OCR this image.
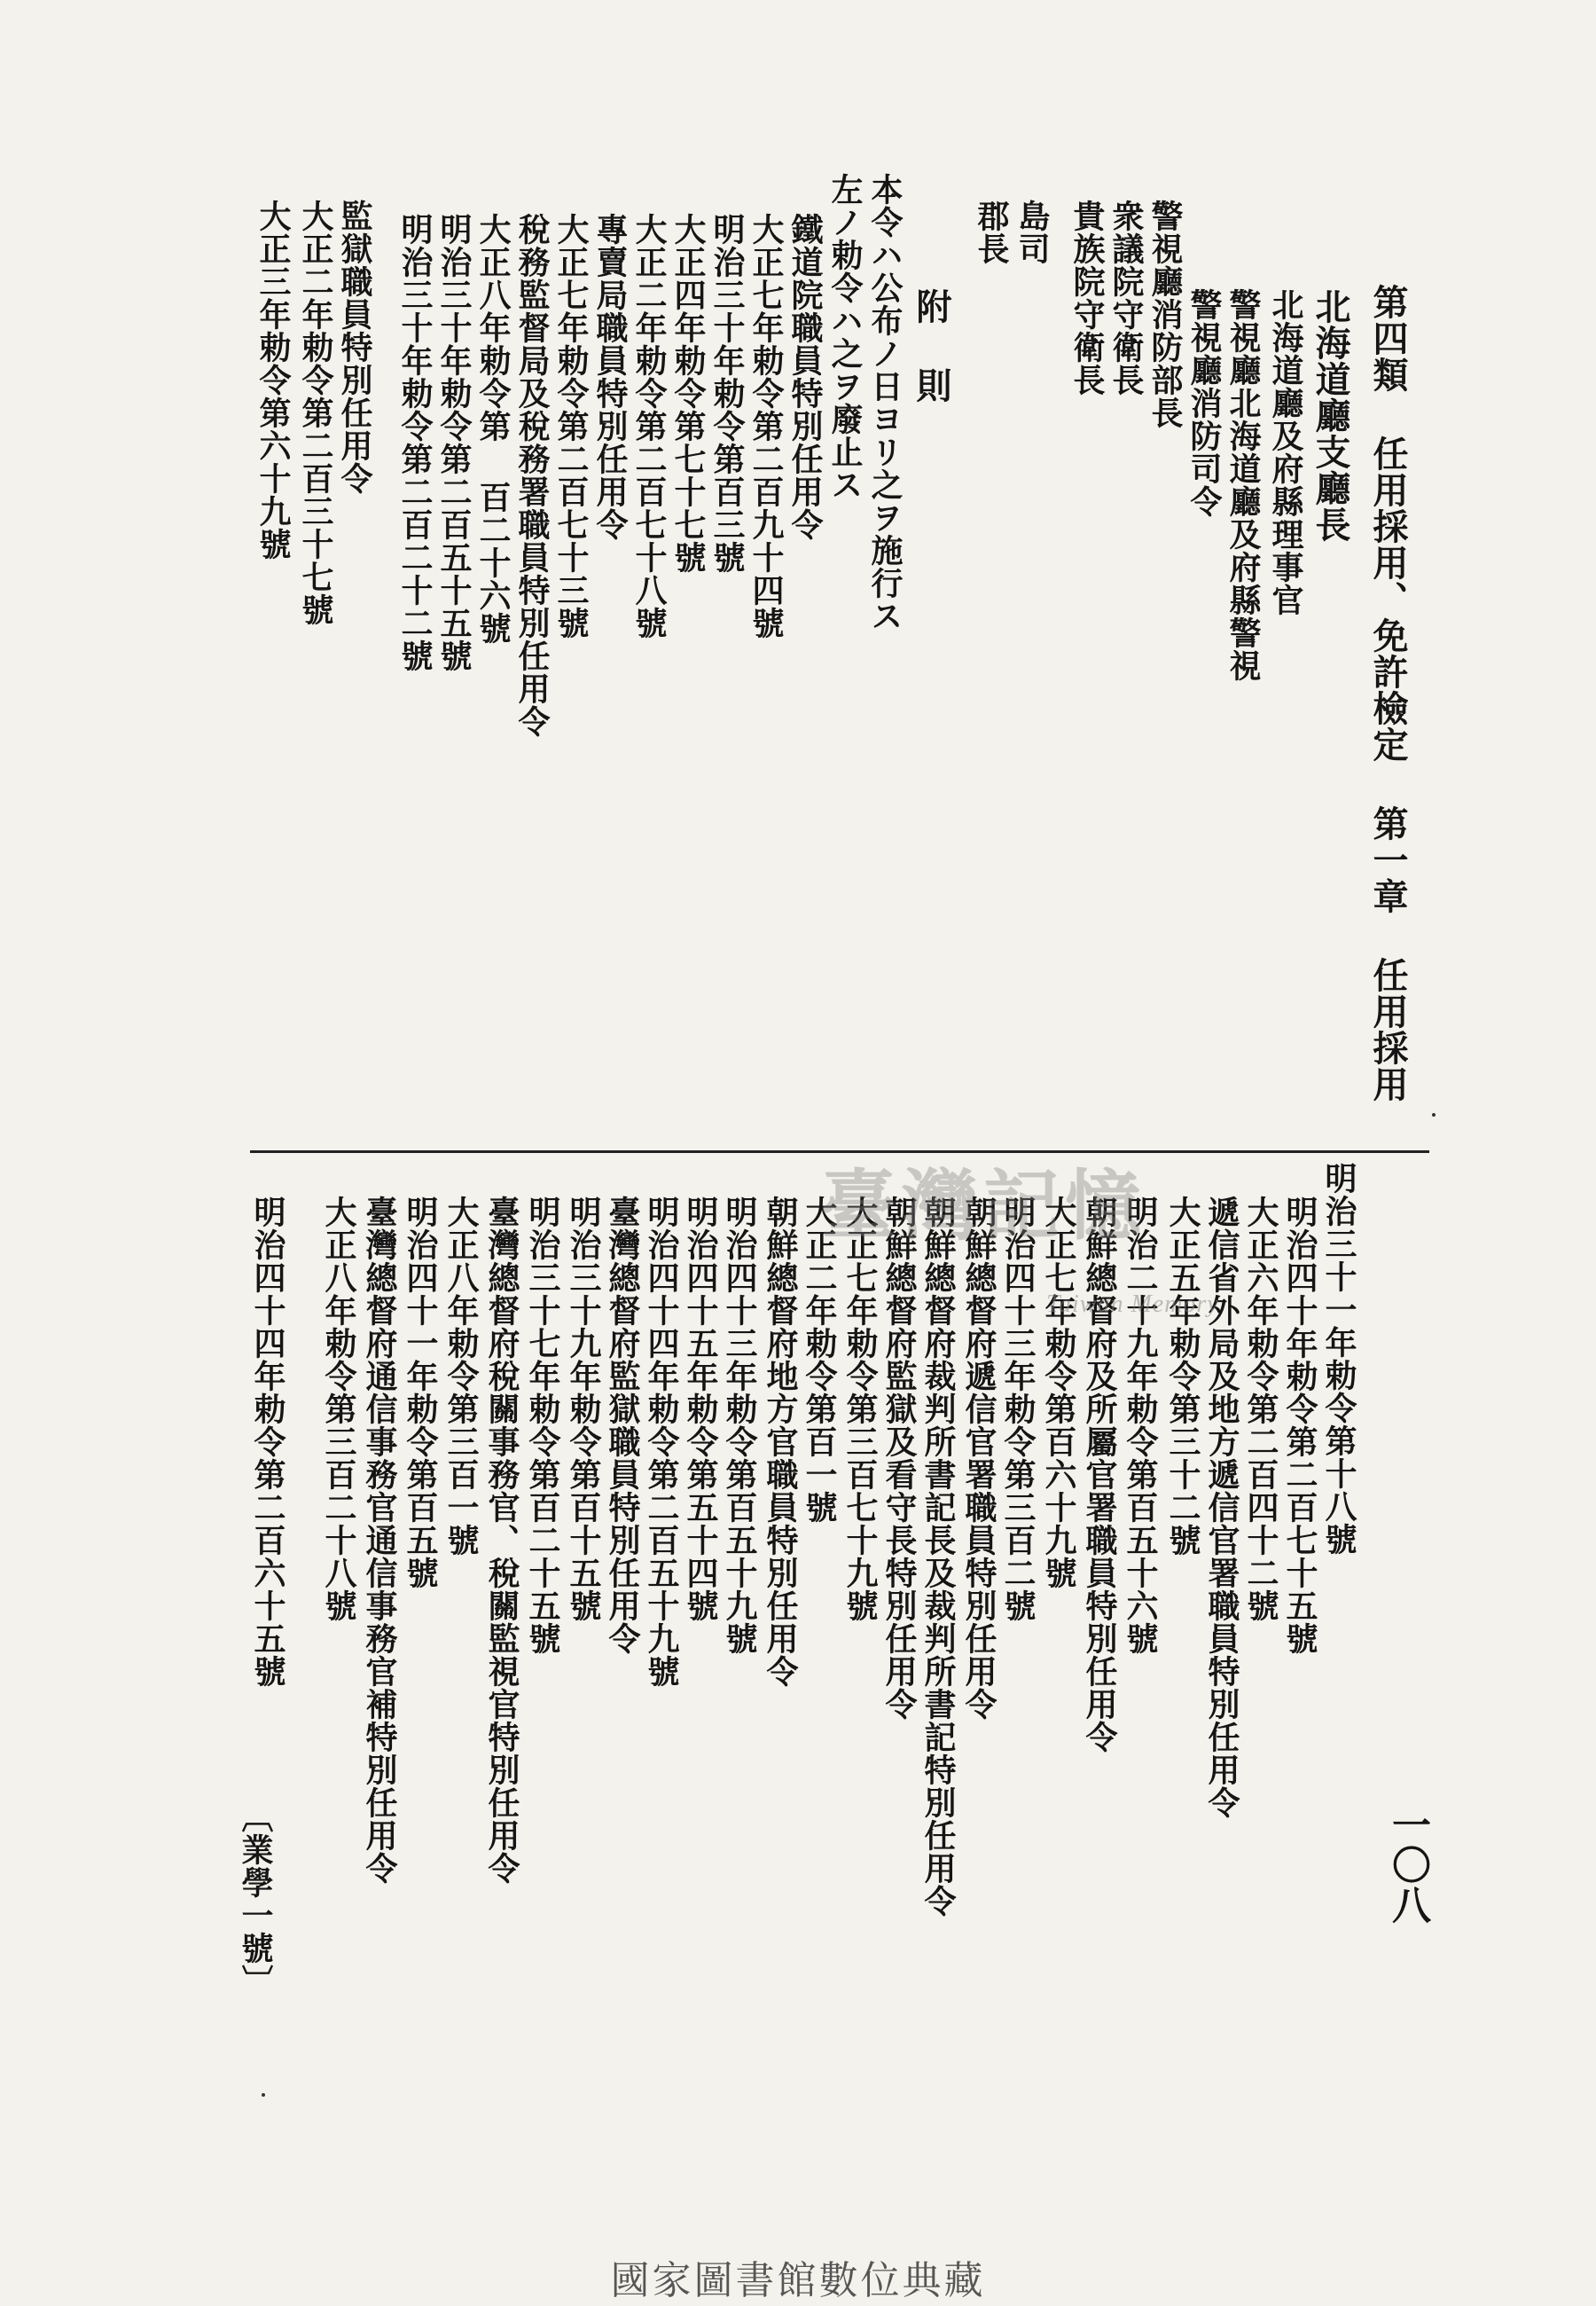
第四類 任用採用、免許檢定 第一章 任用採用
一〇八
北海道廳支廳長
北海道廳及府縣理事官
警視廳北海道廳及府縣警視
警視廳消防司令
警視廳消防部長
衆議院守衛長
貴族院守衛長
島司
郡長
附 則
本令ハ公布ノ日ヨリ之ヲ施行ス
左ノ勅令ハ之ヲ廢止ス
鐵道院職員特別任用令
大正七年勅令第二百九十四號
明治三十年勅令第百三號
大正四年勅令第七十七號
大正二年勅令第二百七十八號
專賣局職員特別任用令
大正七年勅令第二百七十三號
稅務監督局及稅務署職員特別任用令
大正八年勅令第 百二十六號
明治三十年勅令第二百五十五號
明治三十年勅令第二百二十二號
監獄職員特別任用令
大正二年勅令第二百三十七號
大正三年勅令第六十九號
明治三十一年勅令第十八號
明治四十年勅令第二百七十五號
大正六年勅令第二百四十二號
遞信省外局及地方遞信官署職員特別任用令
大正五年勅令第三十二號
明治二十九年勅令第百五十六號
朝鮮總督府及所屬官署職員特別任用令
大正七年勅令第百六十九號
明治四十三年勅令第三百二號
朝鮮總督府遞信官署職員特別任用令
朝鮮總督府裁判所書記長及裁判所書記特別任用令
朝鮮總督府監獄及看守長特別任用令
大正七年勅令第三百七十九號
大正二年勅令第百一號
朝鮮總督府地方官職員特別任用令
明治四十三年勅令第百五十九號
明治四十五年勅令第五十四號
明治四十四年勅令第二百五十九號
臺灣總督府監獄職員特別任用令
明治三十九年勅令第百十五號
明治三十七年勅令第百二十五號
臺灣總督府稅關事務官、稅關監視官特別任用令
大正八年勅令第三百一號
明治四十一年勅令第百五號
臺灣總督府通信事務官通信事務官補特別任用令
大正八年勅令第三百二十八號
明治四十四年勅令第二百六十五號
〔業學一號〕
臺灣記憶
Taiwan Memory
國家圖書館數位典藏
